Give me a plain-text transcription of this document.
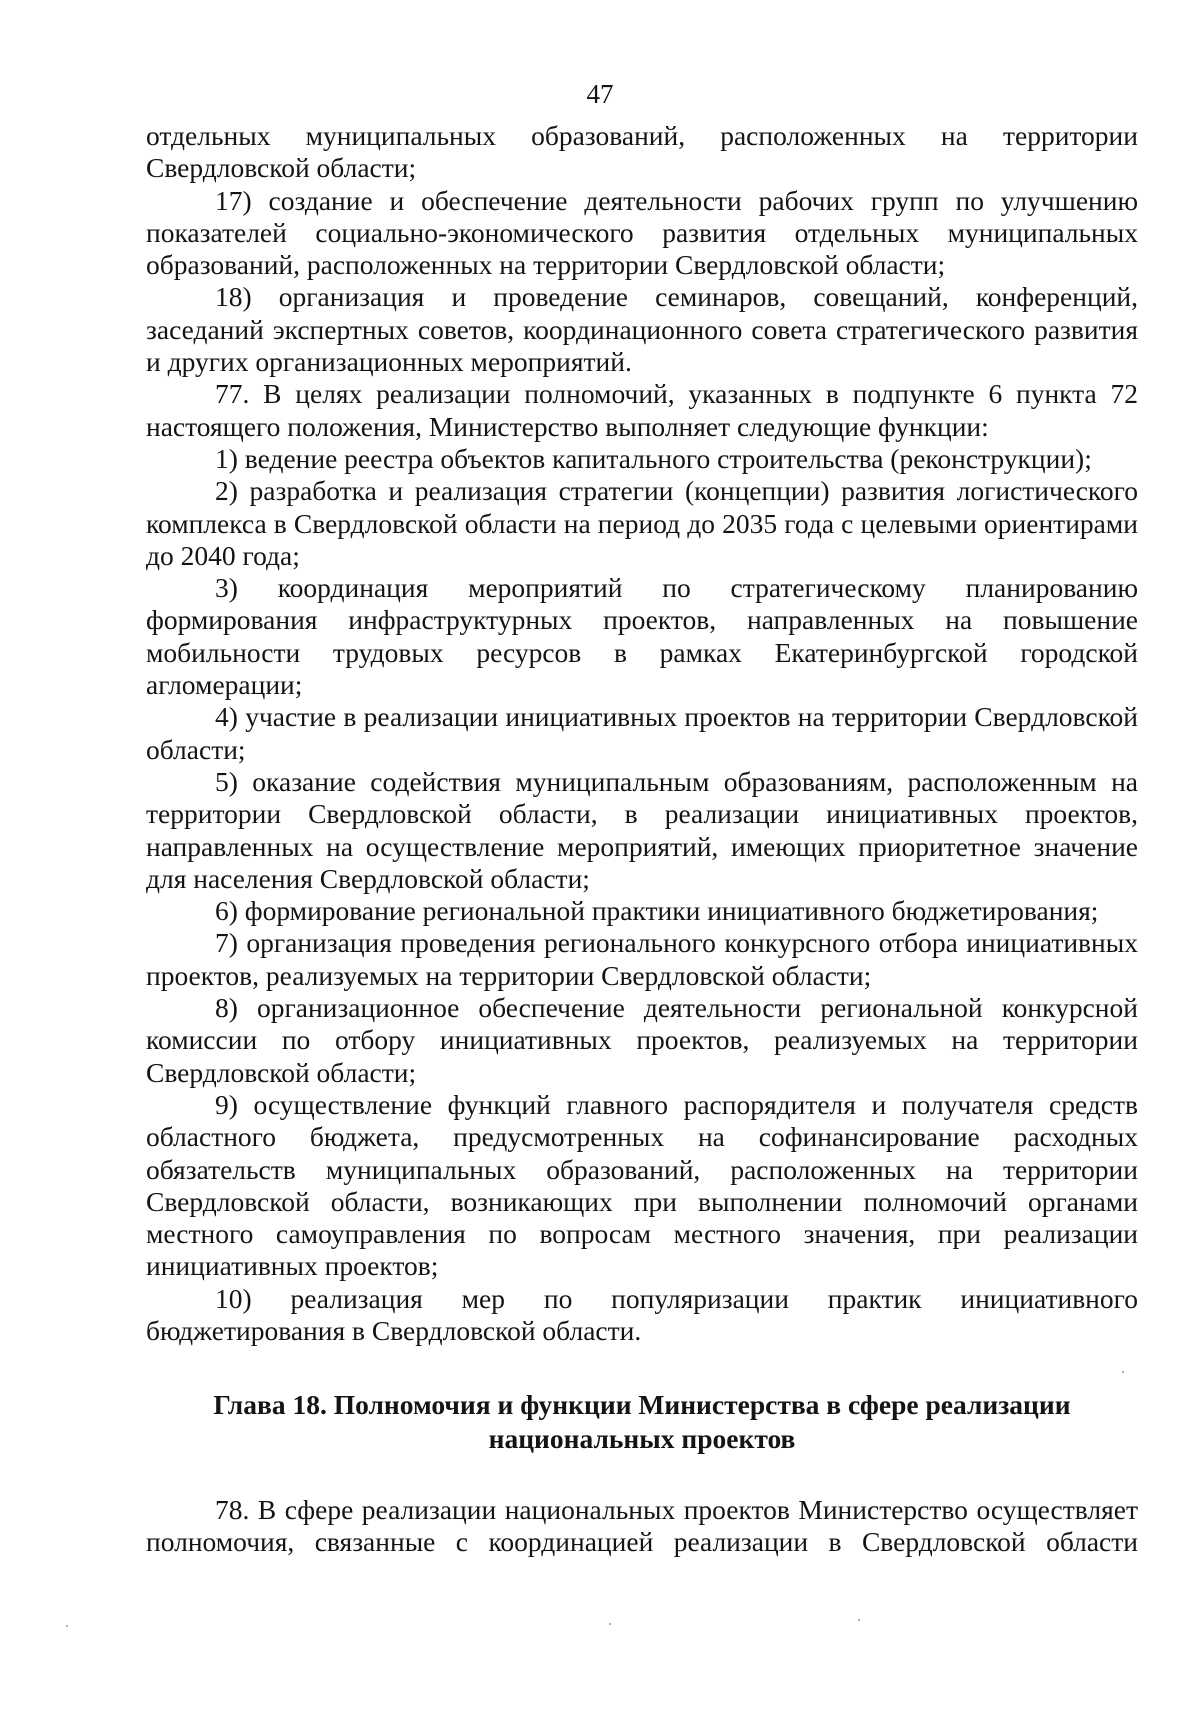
47

отдельных муниципальных образований, расположенных на территории Свердловской области;

17) создание и обеспечение деятельности рабочих групп по улучшению показателей социально-экономического развития отдельных муниципальных образований, расположенных на территории Свердловской области;

18) организация и проведение семинаров, совещаний, конференций, заседаний экспертных советов, координационного совета стратегического развития и других организационных мероприятий.

77. В целях реализации полномочий, указанных в подпункте 6 пункта 72 настоящего положения, Министерство выполняет следующие функции:

1) ведение реестра объектов капитального строительства (реконструкции);

2) разработка и реализация стратегии (концепции) развития логистического комплекса в Свердловской области на период до 2035 года с целевыми ориентирами до 2040 года;

3) координация мероприятий по стратегическому планированию формирования инфраструктурных проектов, направленных на повышение мобильности трудовых ресурсов в рамках Екатеринбургской городской агломерации;

4) участие в реализации инициативных проектов на территории Свердловской области;

5) оказание содействия муниципальным образованиям, расположенным на территории Свердловской области, в реализации инициативных проектов, направленных на осуществление мероприятий, имеющих приоритетное значение для населения Свердловской области;

6) формирование региональной практики инициативного бюджетирования;

7) организация проведения регионального конкурсного отбора инициативных проектов, реализуемых на территории Свердловской области;

8) организационное обеспечение деятельности региональной конкурсной комиссии по отбору инициативных проектов, реализуемых на территории Свердловской области;

9) осуществление функций главного распорядителя и получателя средств областного бюджета, предусмотренных на софинансирование расходных обязательств муниципальных образований, расположенных на территории Свердловской области, возникающих при выполнении полномочий органами местного самоуправления по вопросам местного значения, при реализации инициативных проектов;

10) реализация мер по популяризации практик инициативного бюджетирования в Свердловской области.

Глава 18. Полномочия и функции Министерства в сфере реализации
национальных проектов

78. В сфере реализации национальных проектов Министерство осуществляет полномочия, связанные с координацией реализации в Свердловской области
